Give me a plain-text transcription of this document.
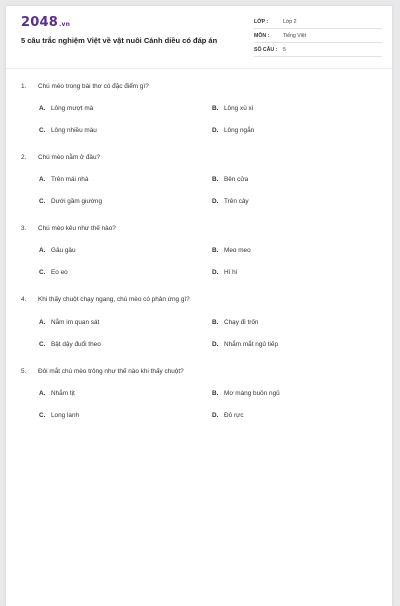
2048.vn
5 câu trắc nghiệm Việt về vật nuôi Cánh diều có đáp án
LỚP :	Lớp 2
MÔN :	Tiếng Việt
SỐ CÂU : 5
1. Chú mèo trong bài thơ có đặc điểm gì?
A. Lông mượt mà	B. Lông xù xì
C. Lông nhiều màu	D. Lông ngắn
2. Chú mèo nằm ở đâu?
A. Trên mái nhà	B. Bên cửa
C. Dưới gầm giường	D. Trên cây
3. Chú mèo kêu như thế nào?
A. Gâu gâu	B. Meo meo
C. Eo eo	D. Hí hí
4. Khi thấy chuột chạy ngang, chú mèo có phản ứng gì?
A. Nằm im quan sát	B. Chạy đi trốn
C. Bật dậy đuổi theo	D. Nhắm mắt ngủ tiếp
5. Đôi mắt chú mèo trông như thế nào khi thấy chuột?
A. Nhắm tịt	B. Mơ màng buồn ngủ
C. Long lanh	D. Đỏ rực
